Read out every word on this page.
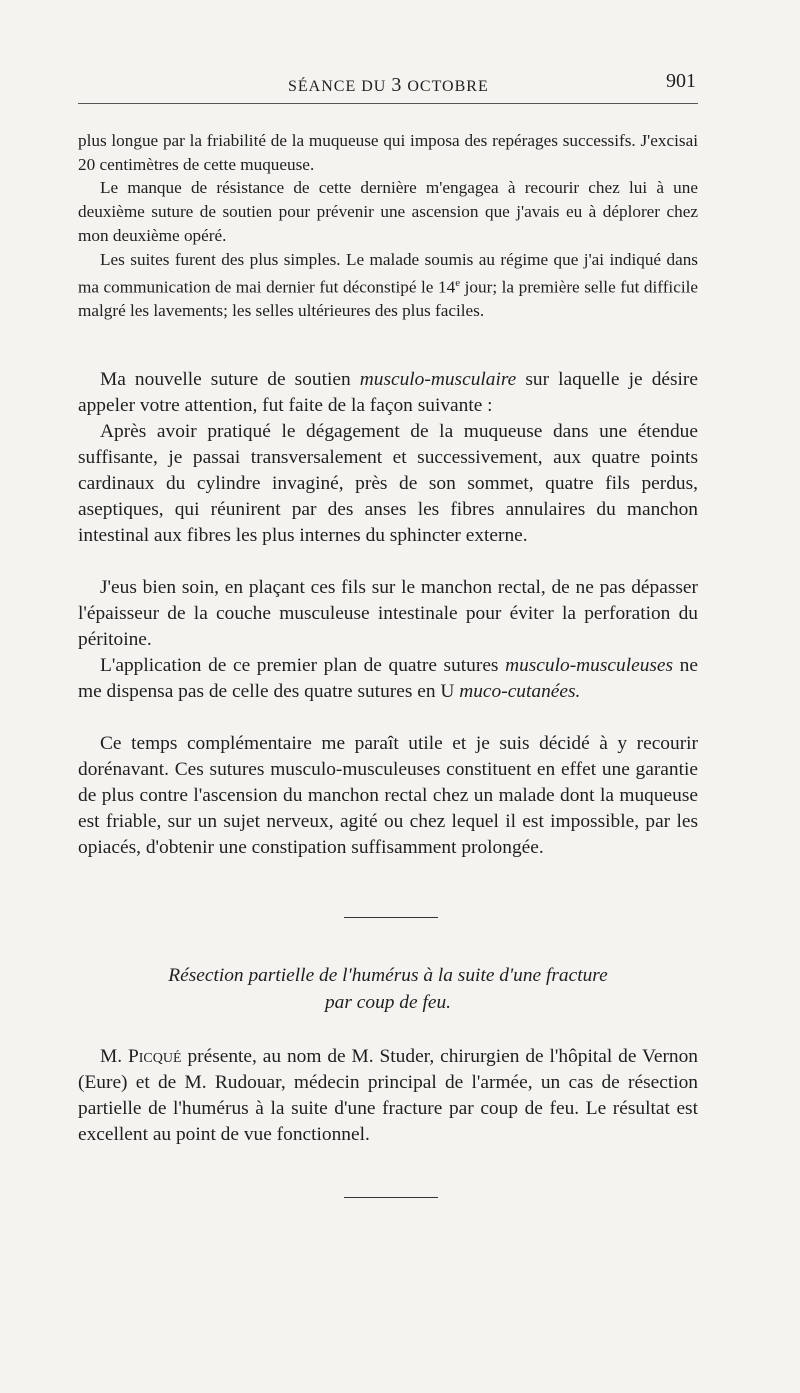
SÉANCE DU 3 OCTOBRE	901

plus longue par la friabilité de la muqueuse qui imposa des repérages successifs. J'excisai 20 centimètres de cette muqueuse.

Le manque de résistance de cette dernière m'engagea à recourir chez lui à une deuxième suture de soutien pour prévenir une ascension que j'avais eu à déplorer chez mon deuxième opéré.

Les suites furent des plus simples. Le malade soumis au régime que j'ai indiqué dans ma communication de mai dernier fut déconstipé le 14e jour; la première selle fut difficile malgré les lavements; les selles ultérieures des plus faciles.

Ma nouvelle suture de soutien musculo-musculaire sur laquelle je désire appeler votre attention, fut faite de la façon suivante :

Après avoir pratiqué le dégagement de la muqueuse dans une étendue suffisante, je passai transversalement et successivement, aux quatre points cardinaux du cylindre invaginé, près de son sommet, quatre fils perdus, aseptiques, qui réunirent par des anses les fibres annulaires du manchon intestinal aux fibres les plus internes du sphincter externe.

J'eus bien soin, en plaçant ces fils sur le manchon rectal, de ne pas dépasser l'épaisseur de la couche musculeuse intestinale pour éviter la perforation du péritoine.

L'application de ce premier plan de quatre sutures musculo-musculeuses ne me dispensa pas de celle des quatre sutures en U muco-cutanées.

Ce temps complémentaire me paraît utile et je suis décidé à y recourir dorénavant. Ces sutures musculo-musculeuses constituent en effet une garantie de plus contre l'ascension du manchon rectal chez un malade dont la muqueuse est friable, sur un sujet nerveux, agité ou chez lequel il est impossible, par les opiacés, d'obtenir une constipation suffisamment prolongée.

Résection partielle de l'humérus à la suite d'une fracture
par coup de feu.

M. Picqué présente, au nom de M. Studer, chirurgien de l'hôpital de Vernon (Eure) et de M. Rudouar, médecin principal de l'armée, un cas de résection partielle de l'humérus à la suite d'une fracture par coup de feu. Le résultat est excellent au point de vue fonctionnel.
